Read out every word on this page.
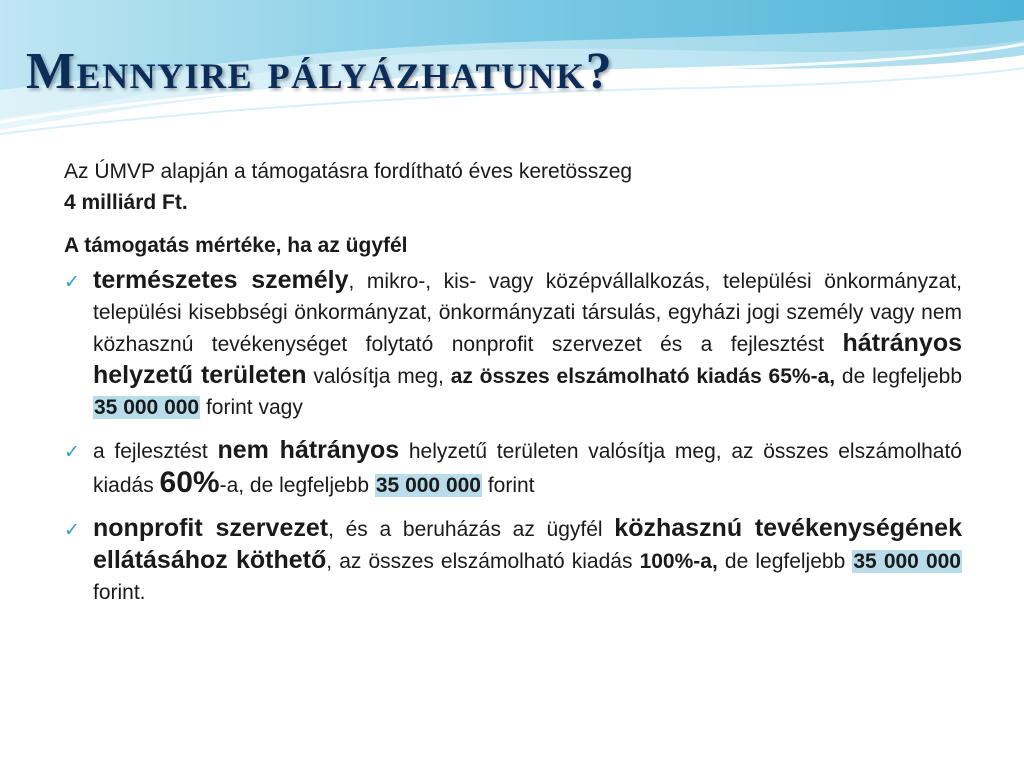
Mennyire pályázhatunk?

Az ÚMVP alapján a támogatásra fordítható éves keretösszeg
4 milliárd Ft.

A támogatás mértéke, ha az ügyfél

✓ természetes személy, mikro-, kis- vagy középvállalkozás, települési önkormányzat, települési kisebbségi önkormányzat, önkormányzati társulás, egyházi jogi személy vagy nem közhasznú tevékenységet folytató nonprofit szervezet és a fejlesztést hátrányos helyzetű területen valósítja meg, az összes elszámolható kiadás 65%-a, de legfeljebb 35 000 000 forint vagy
✓ a fejlesztést nem hátrányos helyzetű területen valósítja meg, az összes elszámolható kiadás 60%-a, de legfeljebb 35 000 000 forint
✓ nonprofit szervezet, és a beruházás az ügyfél közhasznú tevékenységének ellátásához köthető, az összes elszámolható kiadás 100%-a, de legfeljebb 35 000 000 forint.
